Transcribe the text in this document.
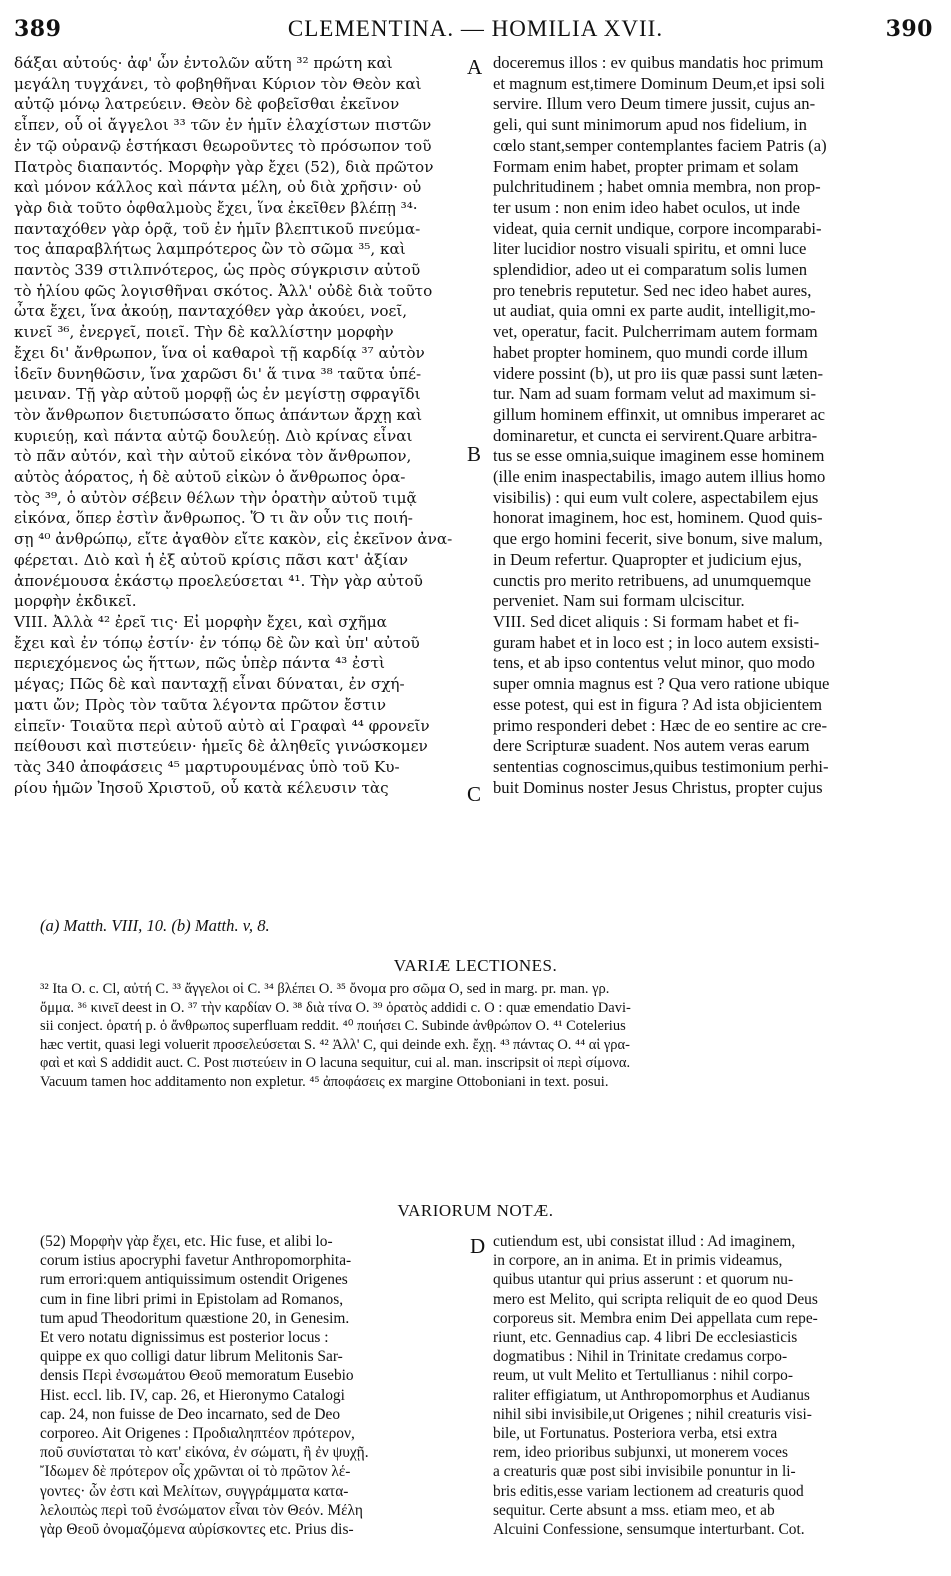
389	CLEMENTINA. — HOMILIA XVII.	390
A
B
C
D

δάξαι αὐτούς· ἀφ' ὧν ἐντολῶν αὕτη ³² πρώτη καὶ

μεγάλη τυγχάνει, τὸ φοβηθῆναι Κύριον τὸν Θεὸν καὶ

αὐτῷ μόνῳ λατρεύειν. Θεὸν δὲ φοβεῖσθαι ἐκεῖνον

εἶπεν, οὗ οἱ ἄγγελοι ³³ τῶν ἐν ἡμῖν ἐλαχίστων πιστῶν

ἐν τῷ οὐρανῷ ἑστήκασι θεωροῦντες τὸ πρόσωπον τοῦ

Πατρὸς διαπαντός. Μορφὴν γὰρ ἔχει (52), διὰ πρῶτον

καὶ μόνον κάλλος καὶ πάντα μέλη, οὐ διὰ χρῆσιν· οὐ

γὰρ διὰ τοῦτο ὀφθαλμοὺς ἔχει, ἵνα ἐκεῖθεν βλέπῃ ³⁴·

πανταχόθεν γὰρ ὁρᾷ, τοῦ ἐν ἡμῖν βλεπτικοῦ πνεύμα-

τος ἀπαραβλήτως λαμπρότερος ὢν τὸ σῶμα ³⁵, καὶ

παντὸς 339 στιλπνότερος, ὡς πρὸς σύγκρισιν αὐτοῦ

τὸ ἡλίου φῶς λογισθῆναι σκότος. Ἀλλ' οὐδὲ διὰ τοῦτο

ὦτα ἔχει, ἵνα ἀκούῃ, πανταχόθεν γὰρ ἀκούει, νοεῖ,

κινεῖ ³⁶, ἐνεργεῖ, ποιεῖ. Τὴν δὲ καλλίστην μορφὴν

ἔχει δι' ἄνθρωπον, ἵνα οἱ καθαροὶ τῇ καρδίᾳ ³⁷ αὐτὸν

ἰδεῖν δυνηθῶσιν, ἵνα χαρῶσι δι' ἅ τινα ³⁸ ταῦτα ὑπέ-

μειναν. Τῇ γὰρ αὐτοῦ μορφῇ ὡς ἐν μεγίστῃ σφραγῖδι

τὸν ἄνθρωπον διετυπώσατο ὅπως ἁπάντων ἄρχῃ καὶ

κυριεύῃ, καὶ πάντα αὐτῷ δουλεύῃ. Διὸ κρίνας εἶναι

τὸ πᾶν αὐτόν, καὶ τὴν αὐτοῦ εἰκόνα τὸν ἄνθρωπον,

αὐτὸς ἀόρατος, ἡ δὲ αὐτοῦ εἰκὼν ὁ ἄνθρωπος ὁρα-

τὸς ³⁹, ὁ αὐτὸν σέβειν θέλων τὴν ὁρατὴν αὐτοῦ τιμᾷ

εἰκόνα, ὅπερ ἐστὶν ἄνθρωπος. Ὅ τι ἂν οὖν τις ποιή-

σῃ ⁴⁰ ἀνθρώπῳ, εἴτε ἀγαθὸν εἴτε κακὸν, εἰς ἐκεῖνον ἀνα-

φέρεται. Διὸ καὶ ἡ ἐξ αὐτοῦ κρίσις πᾶσι κατ' ἀξίαν

ἀπονέμουσα ἑκάστῳ προελεύσεται ⁴¹. Τὴν γὰρ αὐτοῦ

μορφὴν ἐκδικεῖ.

VIII. Ἀλλὰ ⁴² ἐρεῖ τις· Εἰ μορφὴν ἔχει, καὶ σχῆμα

ἔχει καὶ ἐν τόπῳ ἐστίν· ἐν τόπῳ δὲ ὢν καὶ ὑπ' αὐτοῦ

περιεχόμενος ὡς ἥττων, πῶς ὑπὲρ πάντα ⁴³ ἐστὶ

μέγας; Πῶς δὲ καὶ πανταχῇ εἶναι δύναται, ἐν σχή-

ματι ὤν; Πρὸς τὸν ταῦτα λέγοντα πρῶτον ἔστιν

εἰπεῖν· Τοιαῦτα περὶ αὐτοῦ αὐτὸ αἱ Γραφαὶ ⁴⁴ φρονεῖν

πείθουσι καὶ πιστεύειν· ἡμεῖς δὲ ἀληθεῖς γινώσκομεν

τὰς 340 ἀποφάσεις ⁴⁵ μαρτυρουμένας ὑπὸ τοῦ Κυ-

ρίου ἡμῶν Ἰησοῦ Χριστοῦ, οὗ κατὰ κέλευσιν τὰς

doceremus illos : ev quibus mandatis hoc primum

et magnum est,timere Dominum Deum,et ipsi soli

servire. Illum vero Deum timere jussit, cujus an-

geli, qui sunt minimorum apud nos fidelium, in

cœlo stant,semper contemplantes faciem Patris (a)

Formam enim habet, propter primam et solam

pulchritudinem ; habet omnia membra, non prop-

ter usum : non enim ideo habet oculos, ut inde

videat, quia cernit undique, corpore incomparabi-

liter lucidior nostro visuali spiritu, et omni luce

splendidior, adeo ut ei comparatum solis lumen

pro tenebris reputetur. Sed nec ideo habet aures,

ut audiat, quia omni ex parte audit, intelligit,mo-

vet, operatur, facit. Pulcherrimam autem formam

habet propter hominem, quo mundi corde illum

videre possint (b), ut pro iis quæ passi sunt læten-

tur. Nam ad suam formam velut ad maximum si-

gillum hominem effinxit, ut omnibus imperaret ac

dominaretur, et cuncta ei servirent.Quare arbitra-

tus se esse omnia,suique imaginem esse hominem

(ille enim inaspectabilis, imago autem illius homo

visibilis) : qui eum vult colere, aspectabilem ejus

honorat imaginem, hoc est, hominem. Quod quis-

que ergo homini fecerit, sive bonum, sive malum,

in Deum refertur. Quapropter et judicium ejus,

cunctis pro merito retribuens, ad unumquemque

perveniet. Nam sui formam ulciscitur.

VIII. Sed dicet aliquis : Si formam habet et fi-

guram habet et in loco est ; in loco autem exsisti-

tens, et ab ipso contentus velut minor, quo modo

super omnia magnus est ? Qua vero ratione ubique

esse potest, qui est in figura ? Ad ista objicientem

primo responderi debet : Hæc de eo sentire ac cre-

dere Scripturæ suadent. Nos autem veras earum

sententias cognoscimus,quibus testimonium perhi-

buit Dominus noster Jesus Christus, propter cujus

(a) Matth. VIII, 10. (b) Matth. v, 8.
VARIÆ LECTIONES.

³² Ita O. c. Cl, αὐτή C. ³³ ἄγγελοι οἱ C. ³⁴ βλέπει O. ³⁵ ὄνομα pro σῶμα O, sed in marg. pr. man. γρ.

ὄμμα. ³⁶ κινεῖ deest in O. ³⁷ τὴν καρδίαν O. ³⁸ διὰ τίνα O. ³⁹ ὁρατὸς addidi c. O : quæ emendatio Davi-

sii conject. ὁρατή p. ὁ ἄνθρωπος superfluam reddit. ⁴⁰ ποιήσει C. Subinde ἀνθρώπον O. ⁴¹ Cotelerius

hæc vertit, quasi legi voluerit προσελεύσεται S. ⁴² Ἀλλ' C, qui deinde exh. ἔχῃ. ⁴³ πάντας O. ⁴⁴ αἱ γρα-

φαὶ et καὶ S addidit auct. C. Post πιστεύειν in O lacuna sequitur, cui al. man. inscripsit οἱ περὶ σίμονα.

Vacuum tamen hoc additamento non expletur. ⁴⁵ ἀποφάσεις ex margine Ottoboniani in text. posui.

VARIORUM NOTÆ.

(52) Μορφὴν γὰρ ἔχει, etc. Hic fuse, et alibi lo-

corum istius apocryphi favetur Anthropomorphita-

rum errori:quem antiquissimum ostendit Origenes

cum in fine libri primi in Epistolam ad Romanos,

tum apud Theodoritum quæstione 20, in Genesim.

Et vero notatu dignissimus est posterior locus :

quippe ex quo colligi datur librum Melitonis Sar-

densis Περὶ ἐνσωμάτου Θεοῦ memoratum Eusebio

Hist. eccl. lib. IV, cap. 26, et Hieronymo Catalogi

cap. 24, non fuisse de Deo incarnato, sed de Deo

corporeo. Ait Origenes : Προδιαληπτέον πρότερον,

ποῦ συνίσταται τὸ κατ' εἰκόνα, ἐν σώματι, ἢ ἐν ψυχῇ.

Ἴδωμεν δὲ πρότερον οἷς χρῶνται οἱ τὸ πρῶτον λέ-

γοντες· ὧν ἐστι καὶ Μελίτων, συγγράμματα κατα-

λελοιπὼς περὶ τοῦ ἐνσώματον εἶναι τὸν Θεόν. Μέλη

γὰρ Θεοῦ ὀνομαζόμενα αὑρίσκοντες etc. Prius dis-

cutiendum est, ubi consistat illud : Ad imaginem,

in corpore, an in anima. Et in primis videamus,

quibus utantur qui prius asserunt : et quorum nu-

mero est Melito, qui scripta reliquit de eo quod Deus

corporeus sit. Membra enim Dei appellata cum repe-

riunt, etc. Gennadius cap. 4 libri De ecclesiasticis

dogmatibus : Nihil in Trinitate credamus corpo-

reum, ut vult Melito et Tertullianus : nihil corpo-

raliter effigiatum, ut Anthropomorphus et Audianus

nihil sibi invisibile,ut Origenes ; nihil creaturis visi-

bile, ut Fortunatus. Posteriora verba, etsi extra

rem, ideo prioribus subjunxi, ut monerem voces

a creaturis quæ post sibi invisibile ponuntur in li-

bris editis,esse variam lectionem ad creaturis quod

sequitur. Certe absunt a mss. etiam meo, et ab

Alcuini Confessione, sensumque interturbant. Cot.
